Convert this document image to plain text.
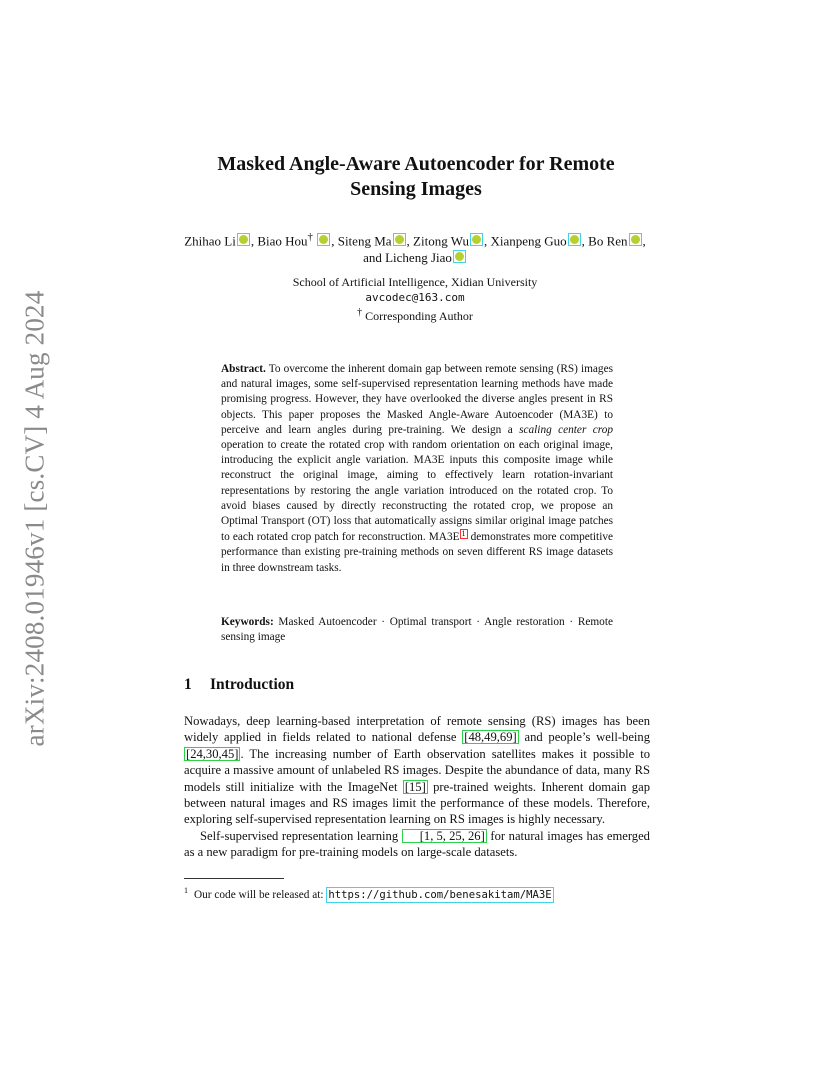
arXiv:2408.01946v1 [cs.CV] 4 Aug 2024
Masked Angle-Aware Autoencoder for Remote
Sensing Images
Zhihao Li , Biao Hou† , Siteng Ma , Zitong Wu , Xianpeng Guo , Bo Ren , and Licheng Jiao
School of Artificial Intelligence, Xidian University
avcodec@163.com
† Corresponding Author
Abstract. To overcome the inherent domain gap between remote sensing (RS) images and natural images, some self-supervised representation learning methods have made promising progress. However, they have overlooked the diverse angles present in RS objects. This paper proposes the Masked Angle-Aware Autoencoder (MA3E) to perceive and learn angles during pre-training. We design a scaling center crop operation to create the rotated crop with random orientation on each original image, introducing the explicit angle variation. MA3E inputs this composite image while reconstruct the original image, aiming to effectively learn rotation-invariant representations by restoring the angle variation introduced on the rotated crop. To avoid biases caused by directly reconstructing the rotated crop, we propose an Optimal Transport (OT) loss that automatically assigns similar original image patches to each rotated crop patch for reconstruction. MA3E 1 demonstrates more competitive performance than existing pre-training methods on seven different RS image datasets in three downstream tasks.
Keywords: Masked Autoencoder · Optimal transport · Angle restoration · Remote sensing image
1 Introduction

Nowadays, deep learning-based interpretation of remote sensing (RS) images has been widely applied in fields related to national defense [48,49,69] and people’s well-being [24,30,45] . The increasing number of Earth observation satellites makes it possible to acquire a massive amount of unlabeled RS images. Despite the abundance of data, many RS models still initialize with the ImageNet [15] pre-trained weights. Inherent domain gap between natural images and RS images limit the performance of these models. Therefore, exploring self-supervised representation learning on RS images is highly necessary.

Self-supervised representation learning [1, 5, 25, 26] for natural images has emerged as a new paradigm for pre-training models on large-scale datasets.

$^1$ Our code will be released at: https://github.com/benesakitam/MA3E
